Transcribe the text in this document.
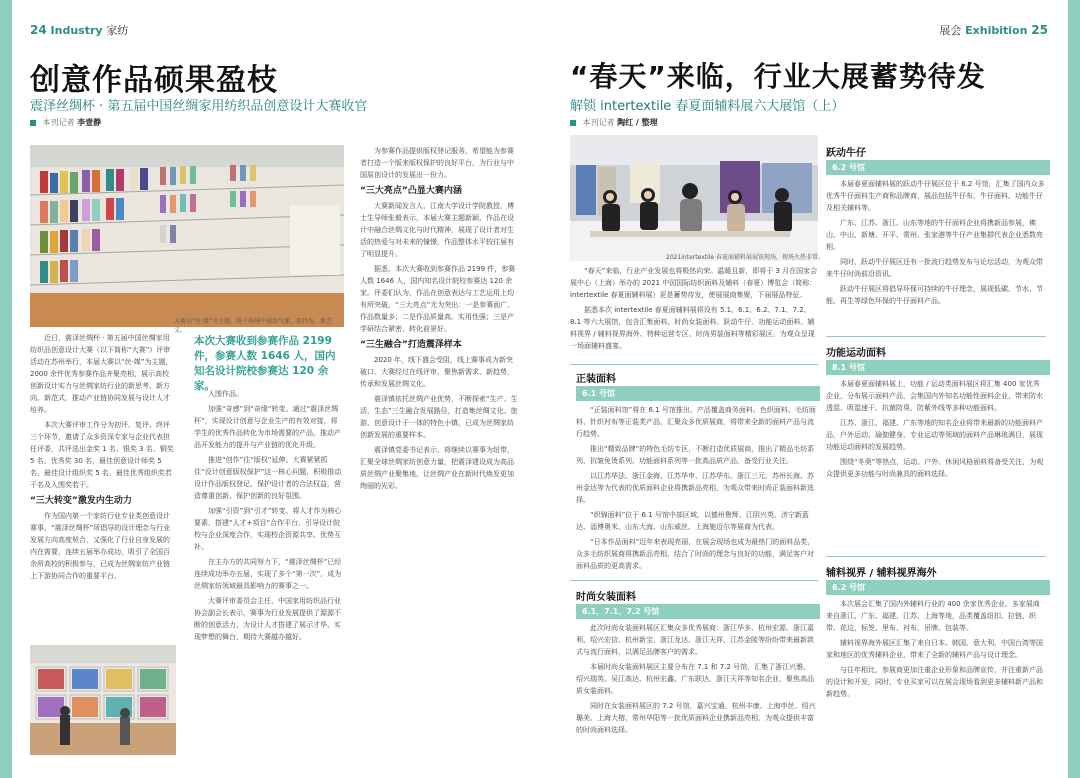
24 Industry 家纺
创意作品硕果盈枝
震泽丝绸杯 · 第五届中国丝绸家用纺织品创意设计大赛收官
本刊记者 李壹静
大赛以“丝·媒”为主题，既于传统中展新气象，即丹角、新艺义。

近日，震泽丝绸杯 · 第五届中国丝绸家用纺织品创意设计大赛（以下简称“大赛”）评审活动在苏州举行，本届大赛以“丝·媒”为主题，2000 余件优秀参赛作品齐聚亮相，展示高校创新设计实力与丝绸家纺行业的新思考、新方向、新范式，推动产业链协同发展与设计人才培养。

本次大赛评审工作分为初评、复评、终评三个环节，邀请了众多资深专家与企业代表担任评委，共评选出金奖 1 名、银奖 3 名、铜奖 5 名、优秀奖 30 名，最佳创意设计师奖 5 名，最佳设计组织奖 5 名，最佳优秀组织奖若干名及入围奖若干。

“三大转变”激发内生动力

作为国内第一个家纺行业专业类创意设计赛事，“震泽丝绸杯”所倡导的设计理念与行业发展方向高度契合，又强化了行业自身发展的内在需要，连续五届举办成功，吸引了全国百余所高校的积极参与，已成为丝绸家纺产业链上下游协同合作的重要平台。

本次大赛收到参赛作品 2199 件，参赛人数 1646 人，国内知名设计院校参赛达 120 余家。

入围作品。

加强“奇感”到“奇缘”转变。通过“震泽丝绸杯”，实现设计创意与企业生产的有效对接，将学生的优秀作品转化为市场需要的产品，推动产品开发能力的提升与产业链的优化升级。

推进“创作”往“版权”延伸。大赛紧紧抓住“设计创意版权保护”这一核心问题，积极推动设计作品版权登记，保护设计者的合法权益，营造尊重创新、保护创新的良好氛围。

加强“引资”到“引才”转变。将人才作为核心要素，搭建“人才+项目”合作平台，引导设计院校与企业深度合作，实现校企资源共享、优势互补。

在主办方的共同努力下，“震泽丝绸杯”已经连续成功举办五届，实现了多个“第一次”，成为丝绸家纺领域最具影响力的赛事之一。

大赛评审委员会主任、中国家用纺织品行业协会副会长表示，赛事为行业发展提供了源源不断的创意活力，为设计人才搭建了展示才华、实现梦想的舞台，期待大赛越办越好。

为参赛作品提供版权登记服务，希望能为参赛者打造一个版来版权保护的良好平台，为行业与中国原创设计的发展出一份力。

“三大亮点”凸显大赛内涵

大赛新闻发言人、江南大学设计学院教授、博士生导师张毅表示，本届大赛主题新颖，作品在设计中融合丝绸文化与时代精神，展现了设计者对生活的热爱与对未来的憧憬，作品整体水平较往届有了明显提升。

据悉，本次大赛收到参赛作品 2199 件，参赛人数 1646 人，国内知名设计院校参赛达 120 余家。评委们认为，作品在创意表达与工艺运用上均有所突破，“三大亮点”尤为突出：一是参赛面广、作品数量多；二是作品质量高、实用性强；三是产学研结合紧密、转化前景好。

“三生融合”打造震泽样本

2020 年，线下盛会受阻，线上赛事成为新突破口。大赛经过在线评审，聚焦新需求、新趋势，传承和发展丝绸文化。

震泽镇依托丝绸产业优势，不断探索“生产、生活、生态”三生融合发展路径，打造集丝绸文化、旅游、创意设计于一体的特色小镇，已成为丝绸家纺创新发展的重要样本。

震泽镇党委书记表示，将继续以赛事为纽带，汇聚全球丝绸家纺创意力量，把震泽建设成为高品质丝绸产业聚集地，让丝绸产业在新时代焕发更加绚丽的光彩。

展会 Exhibition 25
“春天”来临，行业大展蓄势待发
解锁 intertextile 春夏面辅料展六大展馆（上）
本刊记者 陶红 / 整理
2021intertextile 春夏面辅料展展馆现场，现场火热非常。

“春天”来临，行业产业发展也将极热向荣。温暖且新，即将于 3 月在国家会展中心（上海）举办的 2021 中国国际纺织面料及辅料（春夏）博览会（简称：intertextile 春夏面辅料展）更是蓄势待发，使展展商集聚，下届展品特征。

据悉本次 intertextile 春夏面辅料展将设有 5.1、6.1、6.2、7.1、7.2、8.1 等六大展馆，包含汇集面料、时尚女装面料、跃动牛仔、功能运动面料、辅料视界 / 辅料视界海外、特种运营专区、时尚男装面料等精彩展区，为观众呈现一场面辅料盛宴。

正装面料
6.1 号馆

“正装面料馆”将在 6.1 号馆推出，产品覆盖商务面料、色织面料、毛纺面料、针织衬布等正装类产品，汇聚众多优质展商，将带来全新的面料产品与流行趋势。

推出“精致品牌”的特色毛纺专区，不断打造优质展商，推出了精品毛纺系列、抗皱免烫系列、功能面料系列等一批高品质产品，备受行业关注。

以江苏华法、浙江金海、江苏华申、江苏华东、浙江三元、苏州长海、苏州金达等为代表的优质面料企业将携新品亮相，为观众带来时尚正装面料新选择。

“织锦面料”位于 6.1 号馆中部区域，以德州鲁辉、江阴兴英、济宁新蓝达、淄博奥米、山东大海、山东威丝、上海施迈尔等展商为代表。

“日本作品面料”近年来表现亮丽，在展会现场也成为最热门的面料品类，众多毛纺织展商将携新品亮相，结合了时尚的理念与良好的功能，满足客户对面料品质的更高需求。

时尚女装面料
6.1、7.1、7.2 号馆

此次时尚女装面料展区汇集众多优秀展商：浙江华多、杭州宏源、浙江嘉利、绍兴宏信、杭州新宝、浙江龙达、浙江天祥、江苏金陵等纷纷带来最新款式与流行面料，以满足品牌客户的需求。

本届时尚女装面料展区主要分布在 7.1 和 7.2 号馆，汇集了浙江兴雅、绍兴瑞英、吴江高达、杭州宏鑫、广东联达、浙江天祥等知名企业，聚焦高品质女装面料。

同时在女装面料展区的 7.2 号馆，嘉兴宝通、杭州丰康、上海申丝、绍兴璐美、上海大榕、常州华阳等一批优质面料企业携新品亮相，为观众提供丰富的时尚面料选择。

跃动牛仔
6.2 号馆

本届春夏面辅料展的跃动牛仔展区位于 6.2 号馆，汇集了国内众多优秀牛仔面料生产商和品牌商，展品包括牛仔布、牛仔面料、功能牛仔及相关辅料等。

广东、江苏、浙江、山东等地的牛仔面料企业将携新品参展，佛山、中山、新塘、开平、常州、张家港等牛仔产业集群代表企业悉数亮相。

同时，跃动牛仔展区还有一批流行趋势发布与论坛活动，为观众带来牛仔时尚前沿资讯。

跃动牛仔展区将倡导环保可持续的牛仔理念，展现低碳、节水、节能、再生等绿色环保的牛仔面料产品。

功能运动面料
8.1 号馆

本届春夏面辅料展上，功能 / 运动类面料展区将汇集 400 家优秀企业，分布展示面料产品，会集国内外知名功能性面料企业，带来防水透湿、吸湿速干、抗菌防臭、防紫外线等多种功能面料。

江苏、浙江、福建、广东等地的知名企业将带来最新的功能面料产品，户外运动、瑜伽健身、专业运动等领域的面料产品琳琅满目，展现功能运动面料的发展趋势。

围绕“冬奥”等热点，运动、户外、休闲风格面料将备受关注，为观众提供更多功能与时尚兼具的面料选择。

辅料视界 / 辅料视界海外
6.2 号馆

本次展会汇集了国内外辅料行业的 400 余家优秀企业，多家展商来自浙江、广东、福建、江苏、上海等地，品类覆盖纽扣、拉链、织带、花边、标签、里布、衬布、吊牌、包装等。

辅料视界海外展区汇集了来自日本、韩国、意大利、中国台湾等国家和地区的优秀辅料企业，带来了全新的辅料产品与设计理念。

与往年相比，参展商更加注重企业形象和品牌宣传，并注重新产品的设计和开发，同时，专业买家可以在展会现场看到更多辅料新产品和新趋势。
